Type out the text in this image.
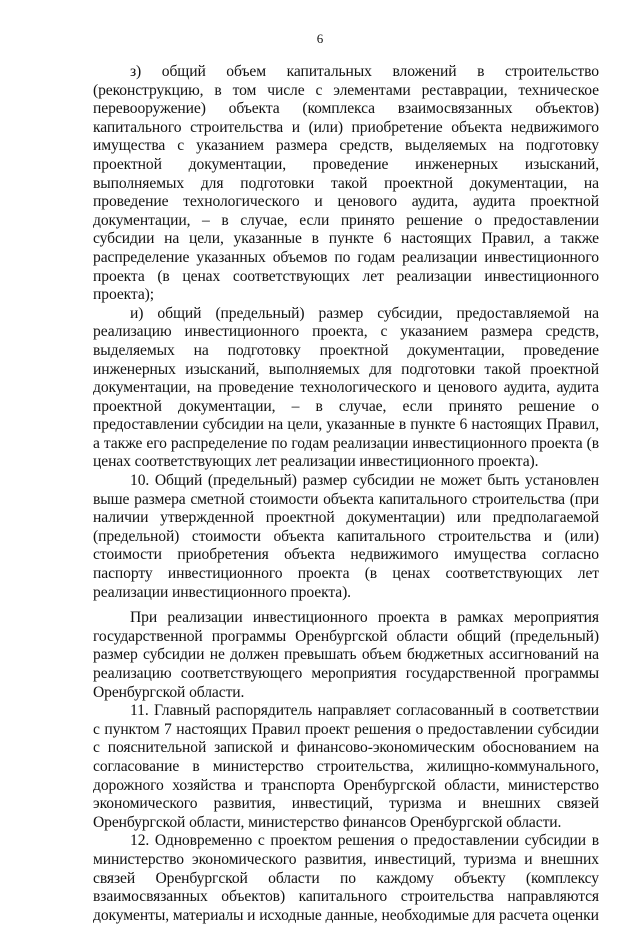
6

з) общий объем капитальных вложений в строительство (реконструкцию, в том числе с элементами реставрации, техническое перевооружение) объекта (комплекса взаимосвязанных объектов) капитального строительства и (или) приобретение объекта недвижимого имущества с указанием размера средств, выделяемых на подготовку проектной документации, проведение инженерных изысканий, выполняемых для подготовки такой проектной документации, на проведение технологического и ценового аудита, аудита проектной документации, – в случае, если принято решение о предоставлении субсидии на цели, указанные в пункте 6 настоящих Правил, а также распределение указанных объемов по годам реализации инвестиционного проекта (в ценах соответствующих лет реализации инвестиционного проекта);

и) общий (предельный) размер субсидии, предоставляемой на реализацию инвестиционного проекта, с указанием размера средств, выделяемых на подготовку проектной документации, проведение инженерных изысканий, выполняемых для подготовки такой проектной документации, на проведение технологического и ценового аудита, аудита проектной документации, – в случае, если принято решение о предоставлении субсидии на цели, указанные в пункте 6 настоящих Правил, а также его распределение по годам реализации инвестиционного проекта (в ценах соответствующих лет реализации инвестиционного проекта).

10. Общий (предельный) размер субсидии не может быть установлен выше размера сметной стоимости объекта капитального строительства (при наличии утвержденной проектной документации) или предполагаемой (предельной) стоимости объекта капитального строительства и (или) стоимости приобретения объекта недвижимого имущества согласно паспорту инвестиционного проекта (в ценах соответствующих лет реализации инвестиционного проекта).

При реализации инвестиционного проекта в рамках мероприятия государственной программы Оренбургской области общий (предельный) размер субсидии не должен превышать объем бюджетных ассигнований на реализацию соответствующего мероприятия государственной программы Оренбургской области.

11. Главный распорядитель направляет согласованный в соответствии с пунктом 7 настоящих Правил проект решения о предоставлении субсидии с пояснительной запиской и финансово-экономическим обоснованием на согласование в министерство строительства, жилищно-коммунального, дорожного хозяйства и транспорта Оренбургской области, министерство экономического развития, инвестиций, туризма и внешних связей Оренбургской области, министерство финансов Оренбургской области.

12. Одновременно с проектом решения о предоставлении субсидии в министерство экономического развития, инвестиций, туризма и внешних связей Оренбургской области по каждому объекту (комплексу взаимосвязанных объектов) капитального строительства направляются документы, материалы и исходные данные, необходимые для расчета оценки
